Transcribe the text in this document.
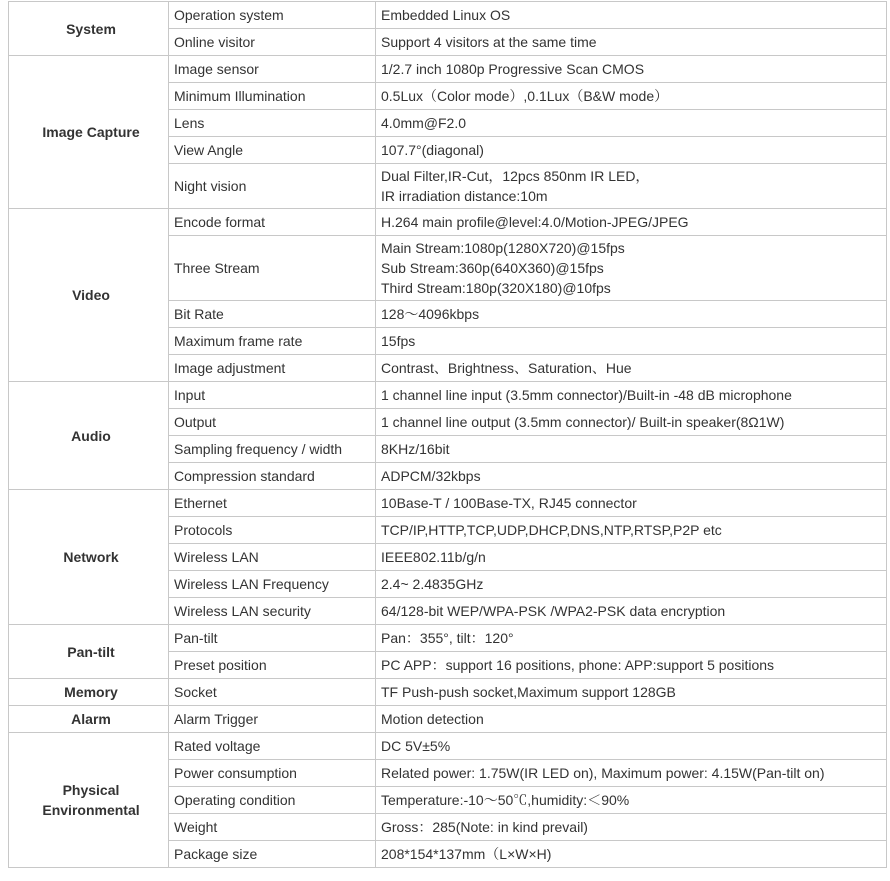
System	Operation system	Embedded Linux OS
	Online visitor	Support 4 visitors at the same time
Image Capture	Image sensor	1/2.7 inch 1080p Progressive Scan CMOS
	Minimum Illumination	0.5Lux（Color mode）,0.1Lux（B&W mode）
	Lens	4.0mm@F2.0
	View Angle	107.7°(diagonal)
	Night vision	Dual Filter,IR-Cut，12pcs 850nm IR LED，
IR irradiation distance:10m

Video	Encode format	H.264 main profile@level:4.0/Motion-JPEG/JPEG
	Three Stream	Main Stream:1080p(1280X720)@15fps
Sub Stream:360p(640X360)@15fps
Third Stream:180p(320X180)@10fps

	Bit Rate	128～4096kbps
	Maximum frame rate	15fps
	Image adjustment	Contrast、Brightness、Saturation、Hue
Audio	Input	1 channel line input (3.5mm connector)/Built-in -48 dB microphone
	Output	1 channel line output (3.5mm connector)/ Built-in speaker(8Ω1W)
	Sampling frequency / width	8KHz/16bit
	Compression standard	ADPCM/32kbps
Network	Ethernet	10Base-T / 100Base-TX, RJ45 connector
	Protocols	TCP/IP,HTTP,TCP,UDP,DHCP,DNS,NTP,RTSP,P2P etc
	Wireless LAN	IEEE802.11b/g/n
	Wireless LAN Frequency	2.4~ 2.4835GHz
	Wireless LAN security	64/128-bit WEP/WPA-PSK /WPA2-PSK data encryption
Pan-tilt	Pan-tilt	Pan：355°, tilt：120°
	Preset position	PC APP：support 16 positions, phone: APP:support 5 positions
Memory	Socket	TF Push-push socket,Maximum support 128GB
Alarm	Alarm Trigger	Motion detection

Physical
Environmental	Rated voltage	DC 5V±5%
	Power consumption	Related power: 1.75W(IR LED on), Maximum power: 4.15W(Pan-tilt on)
	Operating condition	Temperature:-10～50℃,humidity:＜90%
	Weight	Gross：285(Note: in kind prevail)
	Package size	208*154*137mm（L×W×H)
